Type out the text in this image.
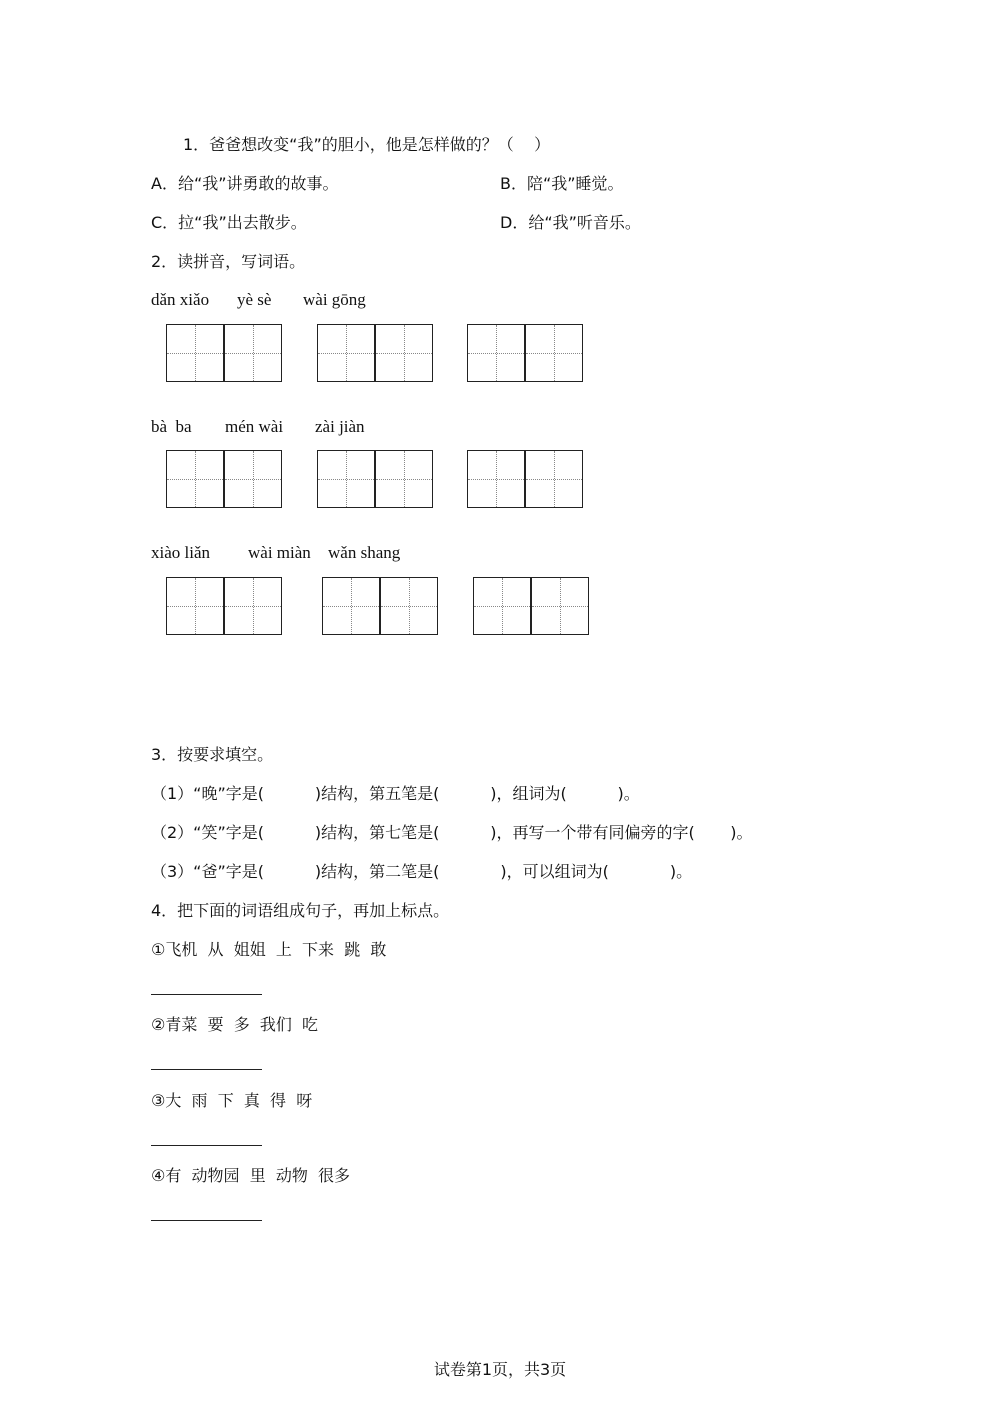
1．爸爸想改变“我”的胆小，他是怎样做的？（    ）
A．给“我”讲勇敢的故事。	B．陪“我”睡觉。
C．拉“我”出去散步。	D．给“我”听音乐。
2．读拼音，写词语。
dǎn xiǎo yè sè wài gōng
bà  ba mén wài zài jiàn
xiào liǎn wài miàn wǎn shang
3．按要求填空。
（1）“晚”字是(          )结构，第五笔是(          )，组词为(          )。
（2）“笑”字是(          )结构，第七笔是(          )，再写一个带有同偏旁的字(       )。
（3）“爸”字是(          )结构，第二笔是(            )，可以组词为(            )。
4．把下面的词语组成句子，再加上标点。
①飞机  从  姐姐  上  下来  跳  敢
②青菜  要  多  我们  吃
③大  雨  下  真  得  呀
④有  动物园  里  动物  很多
试卷第1页，共3页
